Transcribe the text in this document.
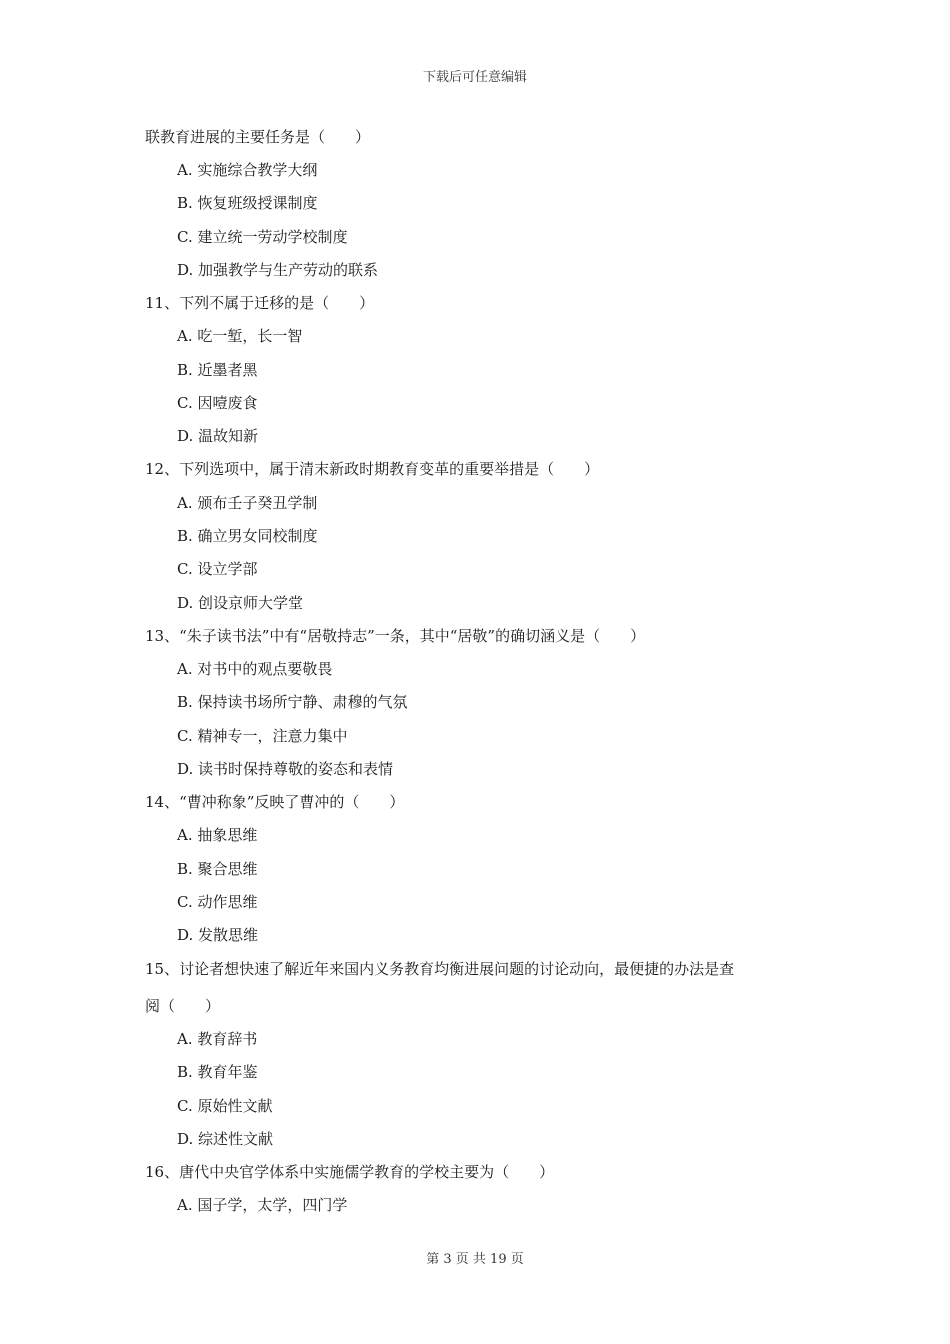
下载后可任意编辑
联教育进展的主要任务是（　　）
A. 实施综合教学大纲
B. 恢复班级授课制度
C. 建立统一劳动学校制度
D. 加强教学与生产劳动的联系
11、下列不属于迁移的是（　　）
A. 吃一堑，长一智
B. 近墨者黑
C. 因噎废食
D. 温故知新
12、下列选项中，属于清末新政时期教育变革的重要举措是（　　）
A. 颁布壬子癸丑学制
B. 确立男女同校制度
C. 设立学部
D. 创设京师大学堂
13、“朱子读书法”中有“居敬持志”一条，其中“居敬”的确切涵义是（　　）
A. 对书中的观点要敬畏
B. 保持读书场所宁静、肃穆的气氛
C. 精神专一，注意力集中
D. 读书时保持尊敬的姿态和表情
14、“曹冲称象”反映了曹冲的（　　）
A. 抽象思维
B. 聚合思维
C. 动作思维
D. 发散思维
15、讨论者想快速了解近年来国内义务教育均衡进展问题的讨论动向，最便捷的办法是查
阅（　　）
A. 教育辞书
B. 教育年鉴
C. 原始性文献
D. 综述性文献
16、唐代中央官学体系中实施儒学教育的学校主要为（　　）
A. 国子学，太学，四门学
第 3 页 共 19 页
